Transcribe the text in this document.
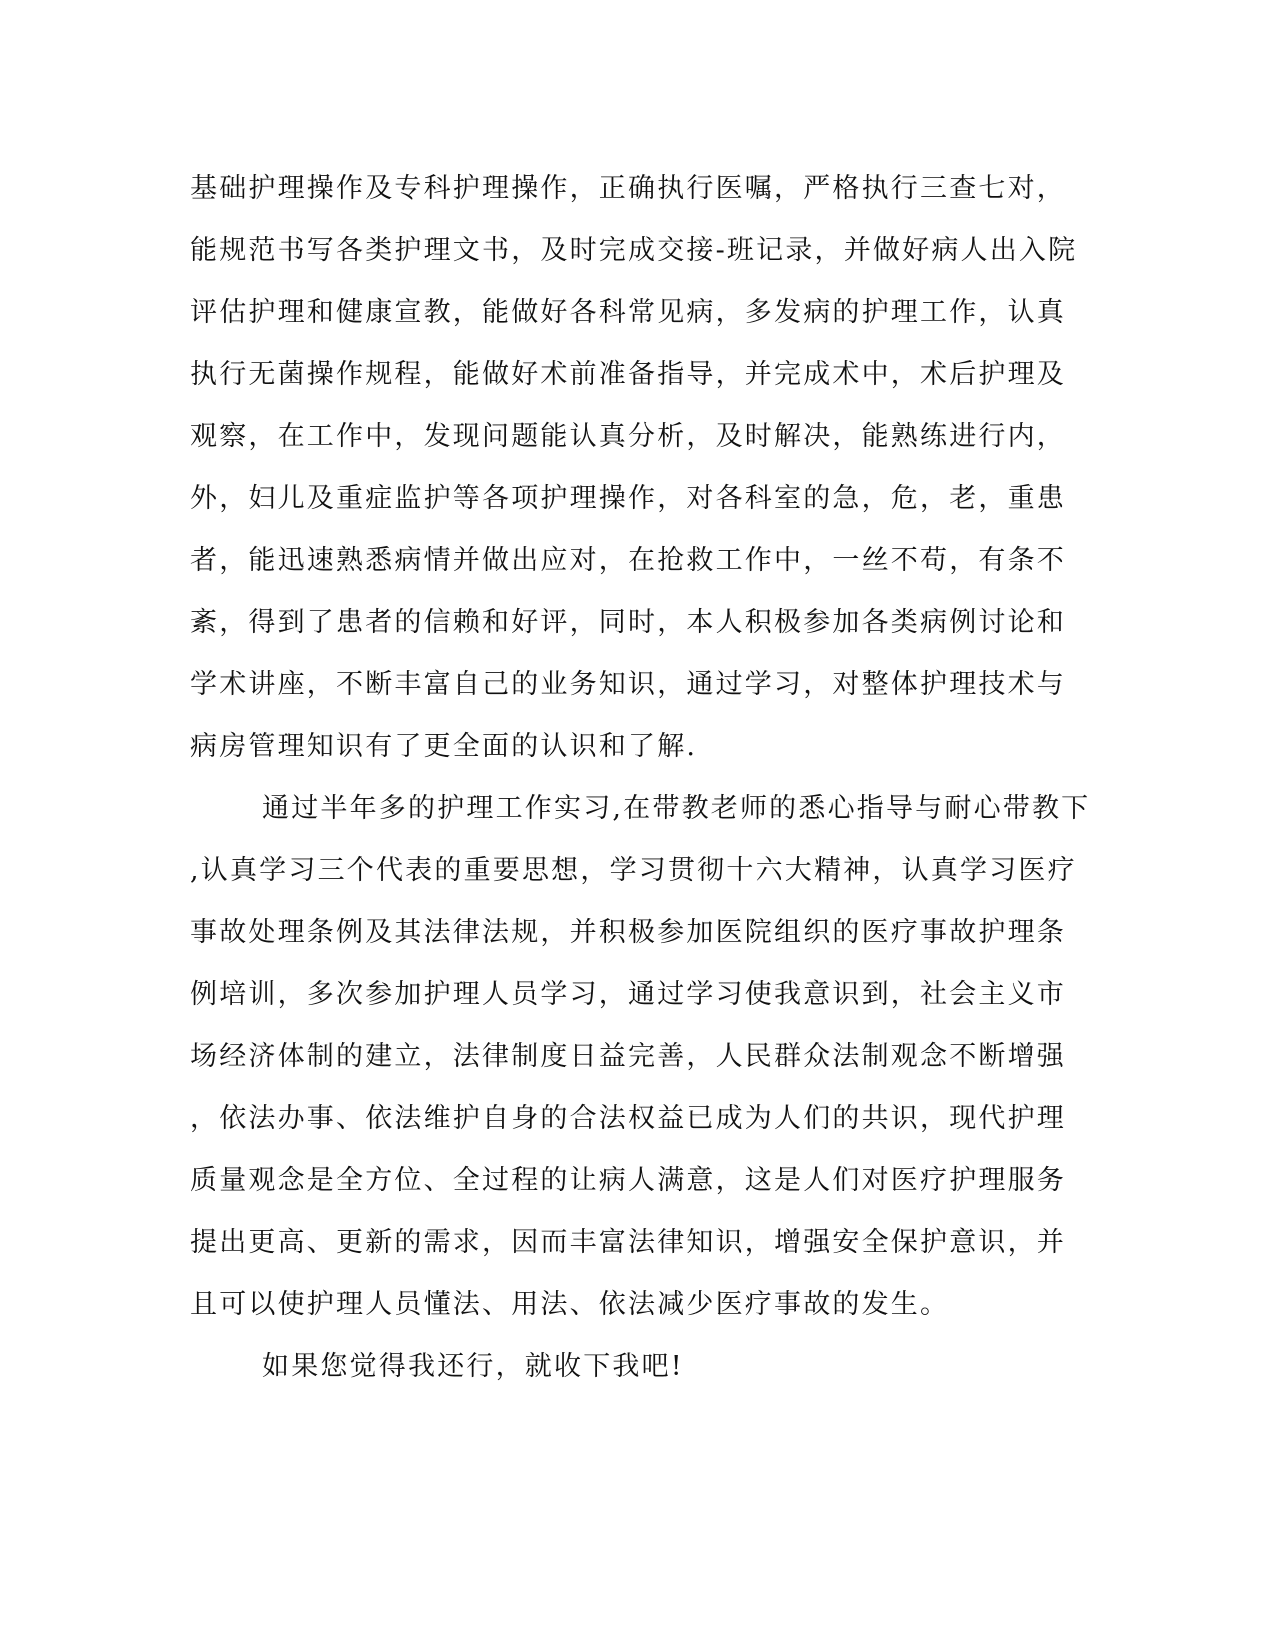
基础护理操作及专科护理操作，正确执行医嘱，严格执行三查七对，
能规范书写各类护理文书，及时完成交接-班记录，并做好病人出入院
评估护理和健康宣教，能做好各科常见病，多发病的护理工作，认真
执行无菌操作规程，能做好术前准备指导，并完成术中，术后护理及
观察，在工作中，发现问题能认真分析，及时解决，能熟练进行内，
外，妇儿及重症监护等各项护理操作，对各科室的急，危，老，重患
者，能迅速熟悉病情并做出应对，在抢救工作中，一丝不苟，有条不
紊，得到了患者的信赖和好评，同时，本人积极参加各类病例讨论和
学术讲座，不断丰富自己的业务知识，通过学习，对整体护理技术与
病房管理知识有了更全面的认识和了解.
通过半年多的护理工作实习,在带教老师的悉心指导与耐心带教下
,认真学习三个代表的重要思想，学习贯彻十六大精神，认真学习医疗
事故处理条例及其法律法规，并积极参加医院组织的医疗事故护理条
例培训，多次参加护理人员学习，通过学习使我意识到，社会主义市
场经济体制的建立，法律制度日益完善，人民群众法制观念不断增强
，依法办事、依法维护自身的合法权益已成为人们的共识，现代护理
质量观念是全方位、全过程的让病人满意，这是人们对医疗护理服务
提出更高、更新的需求，因而丰富法律知识，增强安全保护意识，并
且可以使护理人员懂法、用法、依法减少医疗事故的发生。
如果您觉得我还行，就收下我吧!
